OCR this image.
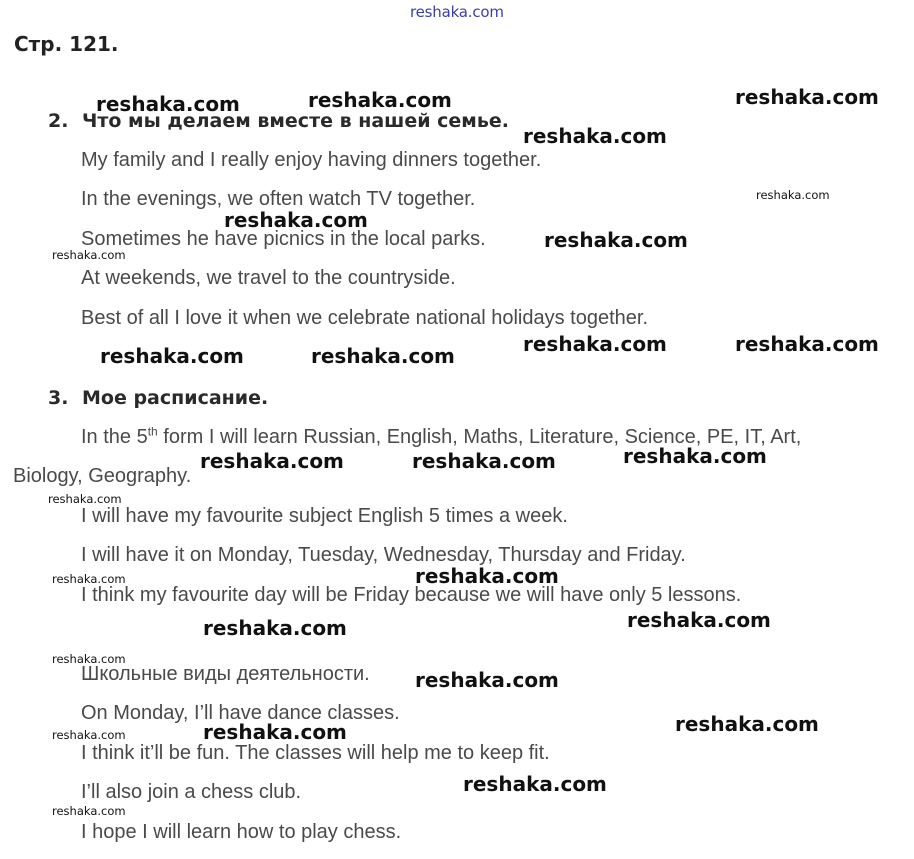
reshaka.com
Стр. 121.
2. Что мы делаем вместе в нашей семье.
My family and I really enjoy having dinners together.
In the evenings, we often watch TV together.
Sometimes he have picnics in the local parks.
At weekends, we travel to the countryside.
Best of all I love it when we celebrate national holidays together.
3. Мое расписание.
In the 5th form I will learn Russian, English, Maths, Literature, Science, PE, IT, Art,
Biology, Geography.
I will have my favourite subject English 5 times a week.
I will have it on Monday, Tuesday, Wednesday, Thursday and Friday.
I think my favourite day will be Friday because we will have only 5 lessons.
Школьные виды деятельности.
On Monday, I’ll have dance classes.
I think it’ll be fun. The classes will help me to keep fit.
I’ll also join a chess club.
I hope I will learn how to play chess.
reshaka.com	reshaka.com	reshaka.com
reshaka.com
reshaka.com
reshaka.com
reshaka.com	reshaka.com	reshaka.com	reshaka.com
reshaka.com	reshaka.com	reshaka.com
reshaka.com
reshaka.com	reshaka.com
reshaka.com
reshaka.com
reshaka.com
reshaka.com
reshaka.com
reshaka.com
reshaka.com
reshaka.com
reshaka.com
reshaka.com
reshaka.com
